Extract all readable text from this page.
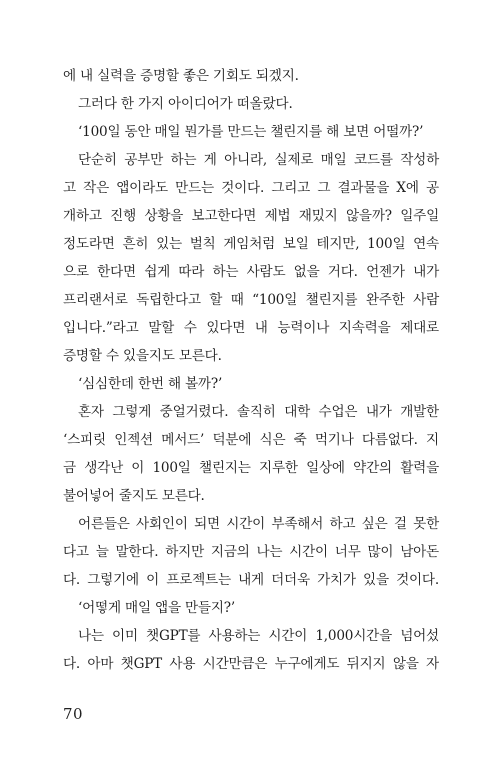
에 내 실력을 증명할 좋은 기회도 되겠지.
그러다 한 가지 아이디어가 떠올랐다.
‘100일 동안 매일 뭔가를 만드는 챌린지를 해 보면 어떨까?’
단순히 공부만 하는 게 아니라, 실제로 매일 코드를 작성하
고 작은 앱이라도 만드는 것이다. 그리고 그 결과물을 X에 공
개하고 진행 상황을 보고한다면 제법 재밌지 않을까? 일주일
정도라면 흔히 있는 벌칙 게임처럼 보일 테지만, 100일 연속
으로 한다면 쉽게 따라 하는 사람도 없을 거다. 언젠가 내가
프리랜서로 독립한다고 할 때 “100일 챌린지를 완주한 사람
입니다.”라고 말할 수 있다면 내 능력이나 지속력을 제대로
증명할 수 있을지도 모른다.
‘심심한데 한번 해 볼까?’
혼자 그렇게 중얼거렸다. 솔직히 대학 수업은 내가 개발한
‘스피릿 인젝션 메서드’ 덕분에 식은 죽 먹기나 다름없다. 지
금 생각난 이 100일 챌린지는 지루한 일상에 약간의 활력을
불어넣어 줄지도 모른다.
어른들은 사회인이 되면 시간이 부족해서 하고 싶은 걸 못한
다고 늘 말한다. 하지만 지금의 나는 시간이 너무 많이 남아돈
다. 그렇기에 이 프로젝트는 내게 더더욱 가치가 있을 것이다.
‘어떻게 매일 앱을 만들지?’
나는 이미 챗GPT를 사용하는 시간이 1,000시간을 넘어섰
다. 아마 챗GPT 사용 시간만큼은 누구에게도 뒤지지 않을 자
70
